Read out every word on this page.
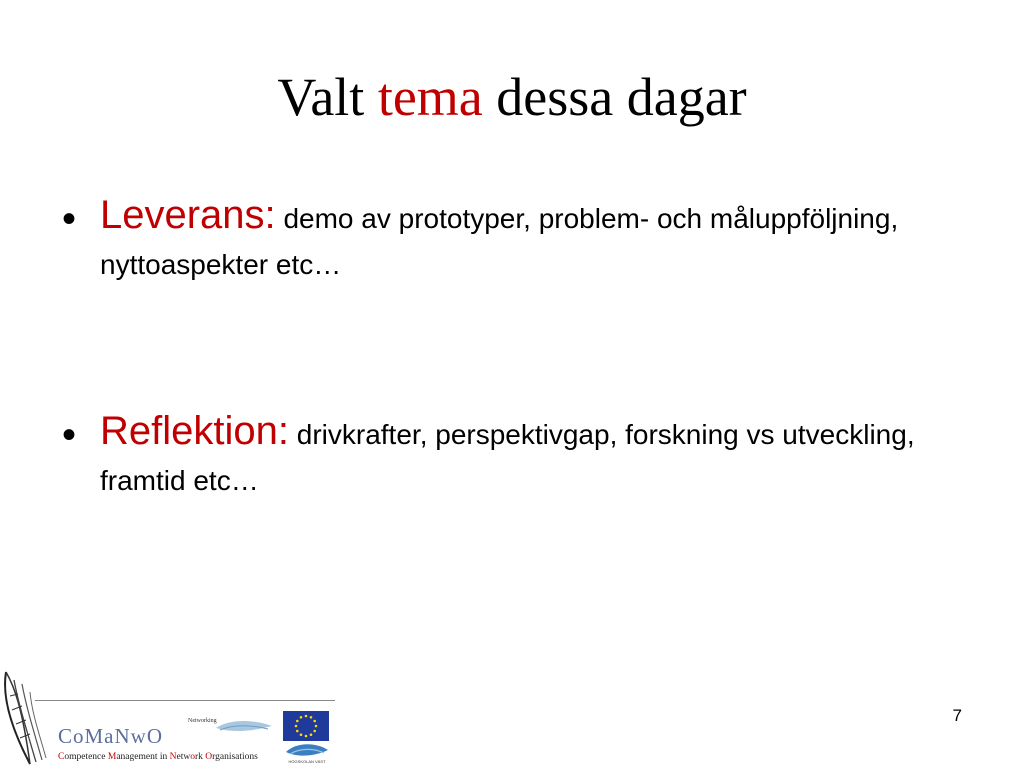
Valt tema dessa dagar
• Leverans: demo av prototyper, problem- och måluppföljning, nyttoaspekter etc…
• Reflektion: drivkrafter, perspektivgap, forskning vs utveckling, framtid etc…
CoMaNwO
Competence Management in Network Organisations
Networking
HÖGSKOLAN VÄST
7
